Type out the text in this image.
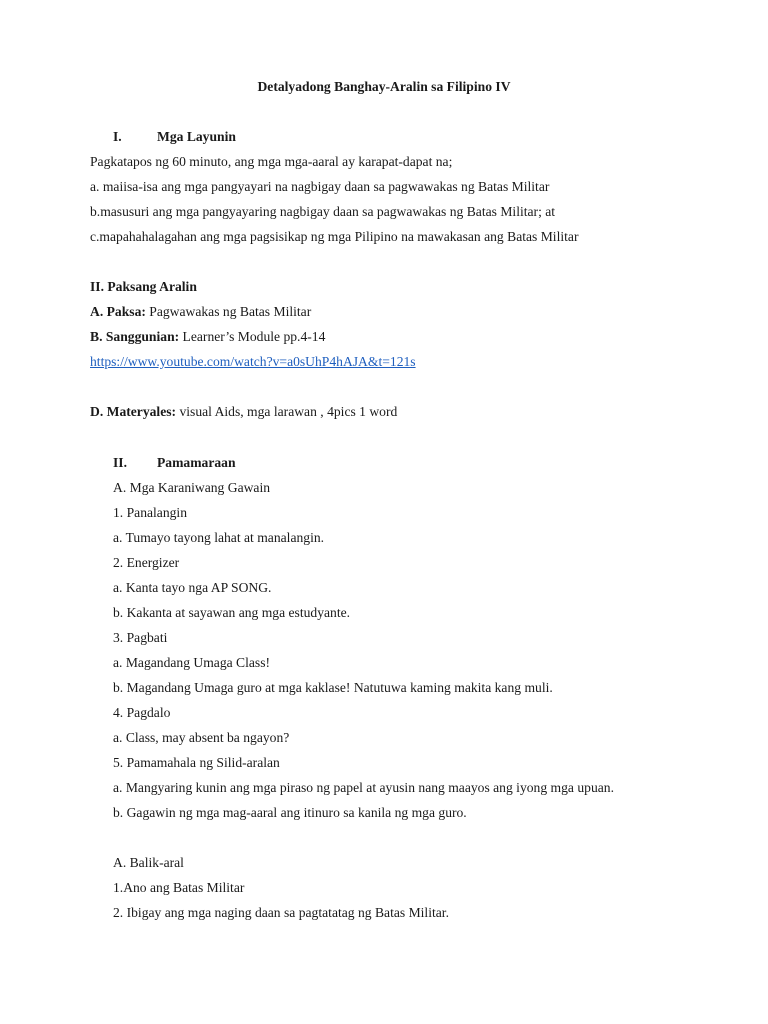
Detalyadong Banghay-Aralin sa Filipino IV
I.	Mga Layunin
Pagkatapos ng 60 minuto, ang mga mga-aaral ay karapat-dapat na;
a. maiisa-isa ang mga pangyayari na nagbigay daan sa pagwawakas ng Batas Militar
b.masusuri ang mga pangyayaring nagbigay daan sa pagwawakas ng Batas Militar; at
c.mapahahalagahan ang mga pagsisikap ng mga Pilipino na mawakasan ang Batas Militar
II. Paksang Aralin
A. Paksa: Pagwawakas ng Batas Militar
B. Sanggunian: Learner’s Module pp.4-14
https://www.youtube.com/watch?v=a0sUhP4hAJA&t=121s
D. Materyales: visual Aids, mga larawan , 4pics 1 word
II. Pamamaraan
A. Mga Karaniwang Gawain
1. Panalangin
a. Tumayo tayong lahat at manalangin.
2. Energizer
a. Kanta tayo nga AP SONG.
b. Kakanta at sayawan ang mga estudyante.
3. Pagbati
a. Magandang Umaga Class!
b. Magandang Umaga guro at mga kaklase! Natutuwa kaming makita kang muli.
4. Pagdalo
a. Class, may absent ba ngayon?
5. Pamamahala ng Silid-aralan
a. Mangyaring kunin ang mga piraso ng papel at ayusin nang maayos ang iyong mga upuan.
b. Gagawin ng mga mag-aaral ang itinuro sa kanila ng mga guro.
A. Balik-aral
1.Ano ang Batas Militar
2. Ibigay ang mga naging daan sa pagtatatag ng Batas Militar.
